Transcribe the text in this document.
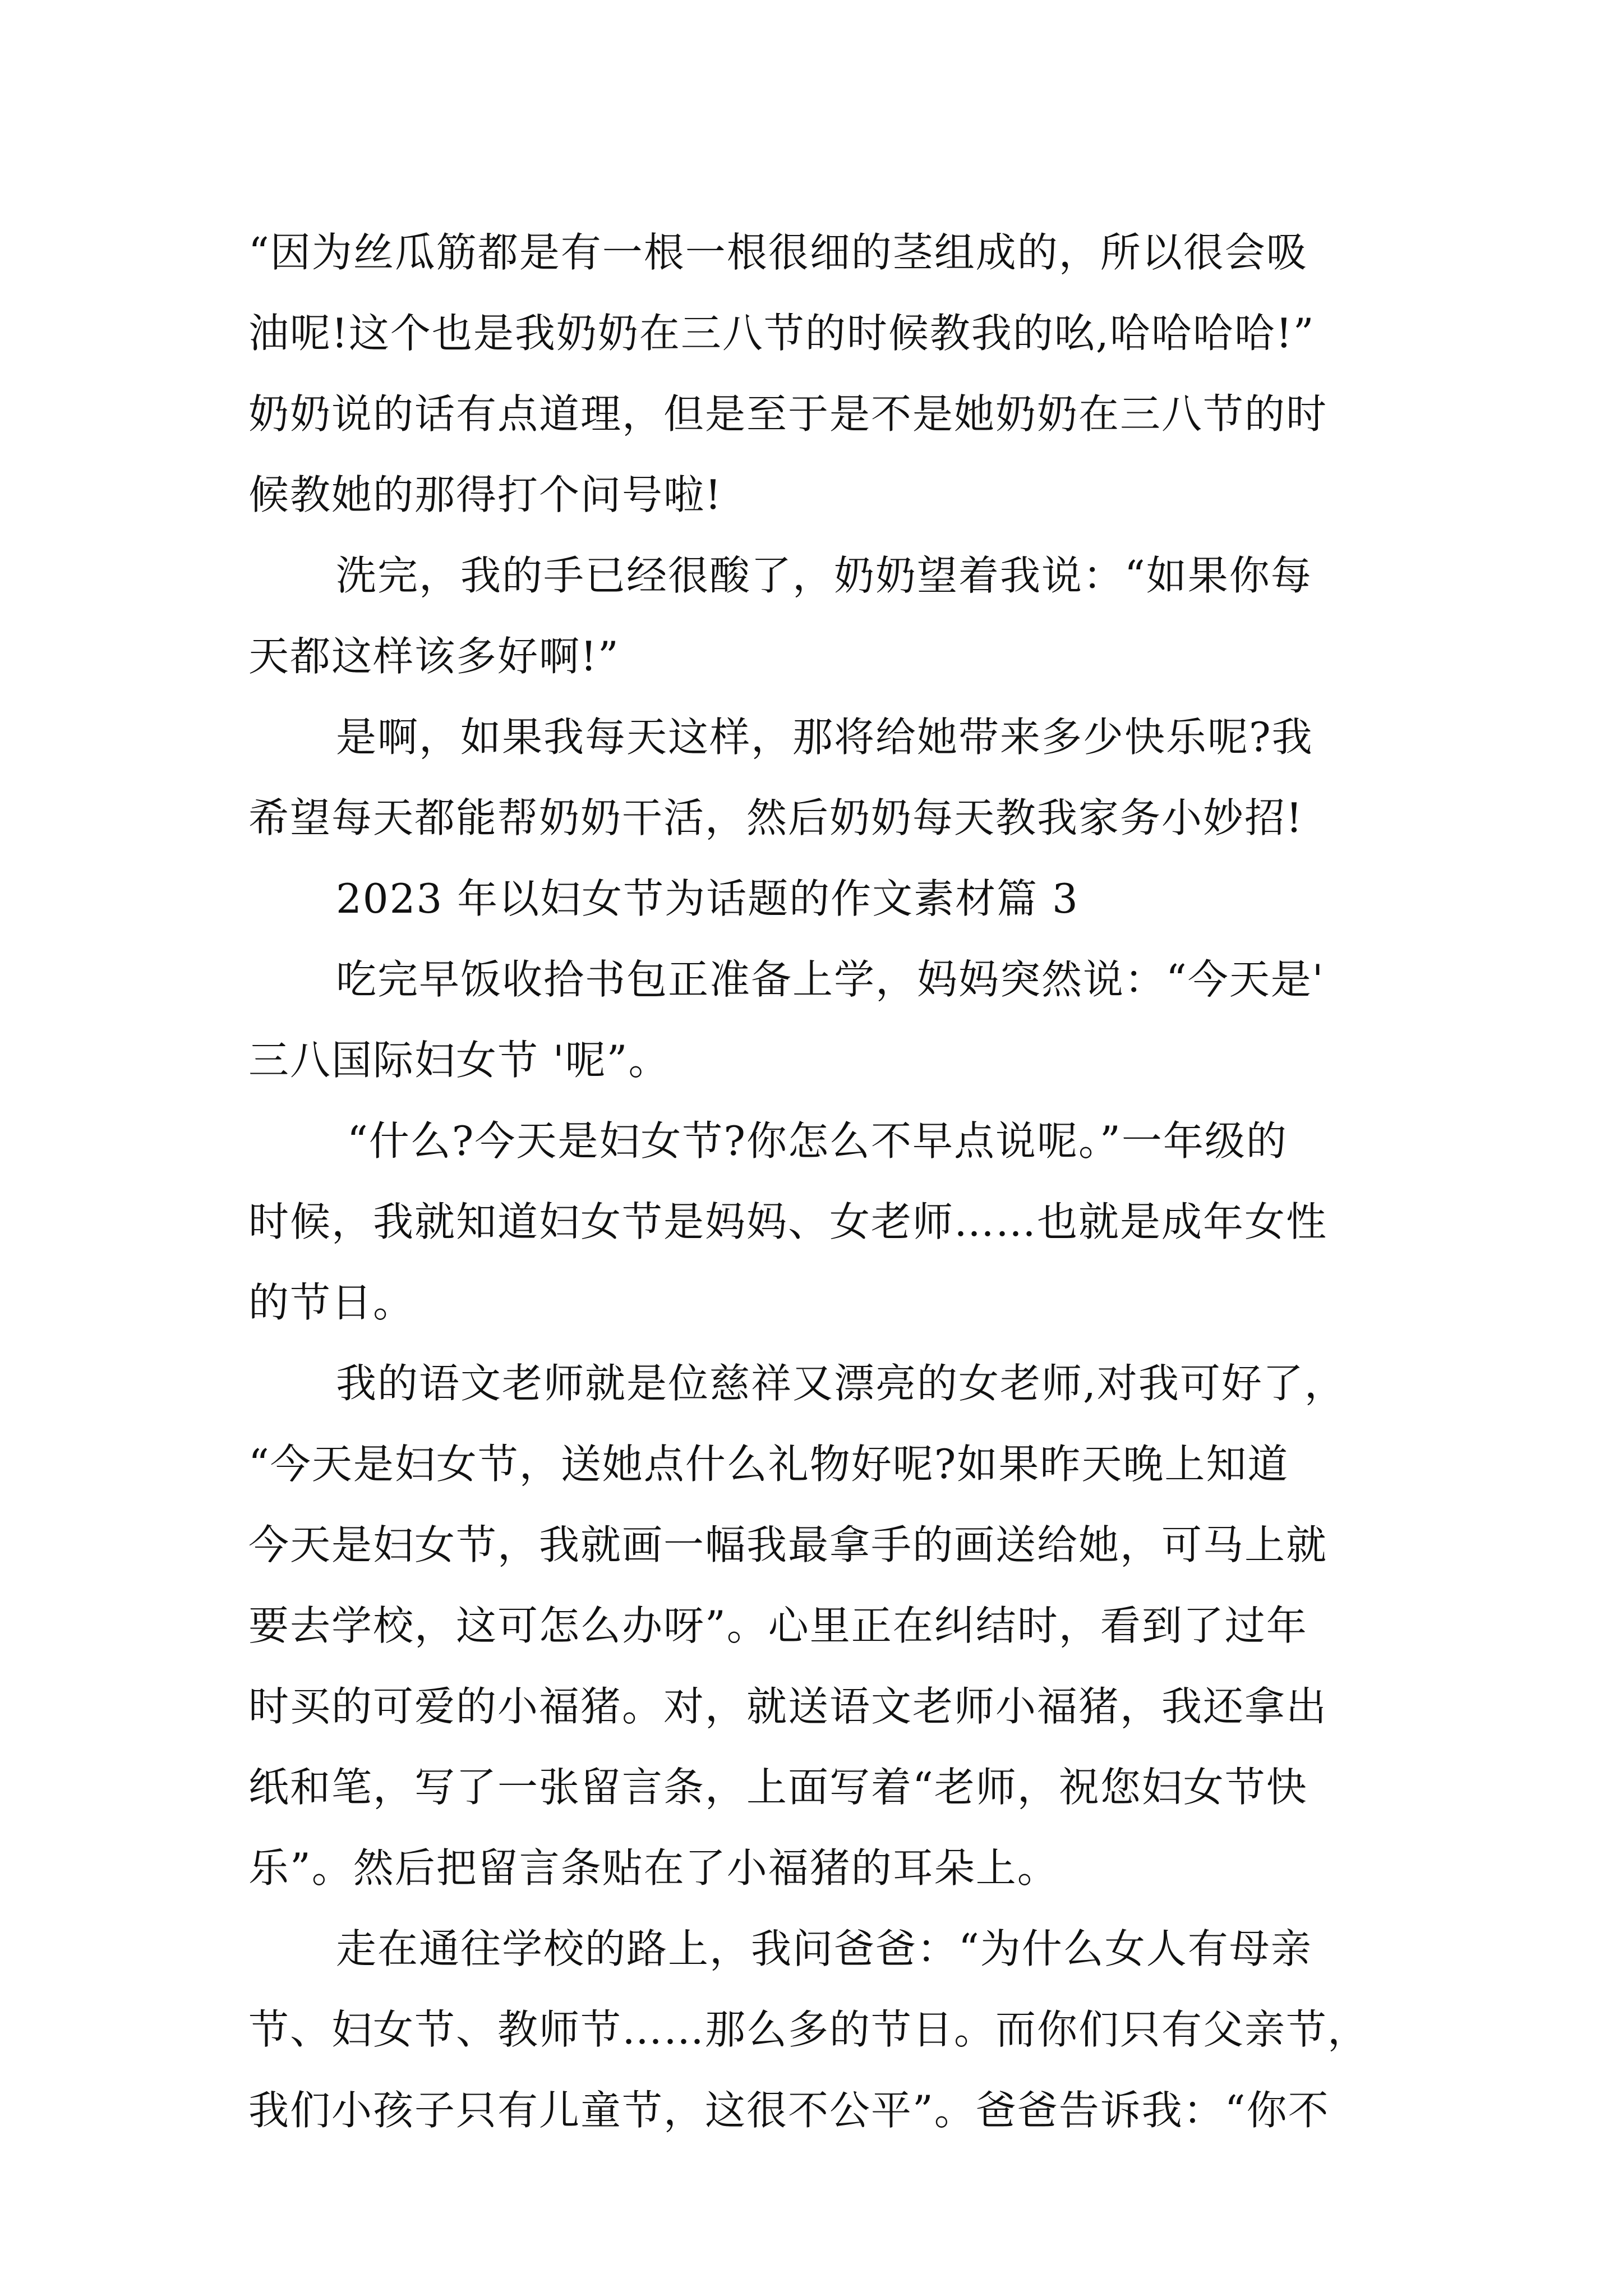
“因为丝瓜筋都是有一根一根很细的茎组成的，所以很会吸
油呢!这个也是我奶奶在三八节的时候教我的吆,哈哈哈哈!”
奶奶说的话有点道理，但是至于是不是她奶奶在三八节的时
候教她的那得打个问号啦!
洗完，我的手已经很酸了，奶奶望着我说：“如果你每
天都这样该多好啊!”
是啊，如果我每天这样，那将给她带来多少快乐呢?我
希望每天都能帮奶奶干活，然后奶奶每天教我家务小妙招!
2023 年以妇女节为话题的作文素材篇 3
吃完早饭收拾书包正准备上学，妈妈突然说：“今天是'
三八国际妇女节 '呢”。
“什么?今天是妇女节?你怎么不早点说呢。”一年级的
时候，我就知道妇女节是妈妈、女老师……也就是成年女性
的节日。
我的语文老师就是位慈祥又漂亮的女老师,对我可好了，
“今天是妇女节，送她点什么礼物好呢?如果昨天晚上知道
今天是妇女节，我就画一幅我最拿手的画送给她，可马上就
要去学校，这可怎么办呀”。心里正在纠结时，看到了过年
时买的可爱的小福猪。对，就送语文老师小福猪，我还拿出
纸和笔，写了一张留言条，上面写着“老师，祝您妇女节快
乐”。然后把留言条贴在了小福猪的耳朵上。
走在通往学校的路上，我问爸爸：“为什么女人有母亲
节、妇女节、教师节……那么多的节日。而你们只有父亲节，
我们小孩子只有儿童节，这很不公平”。爸爸告诉我：“你不
